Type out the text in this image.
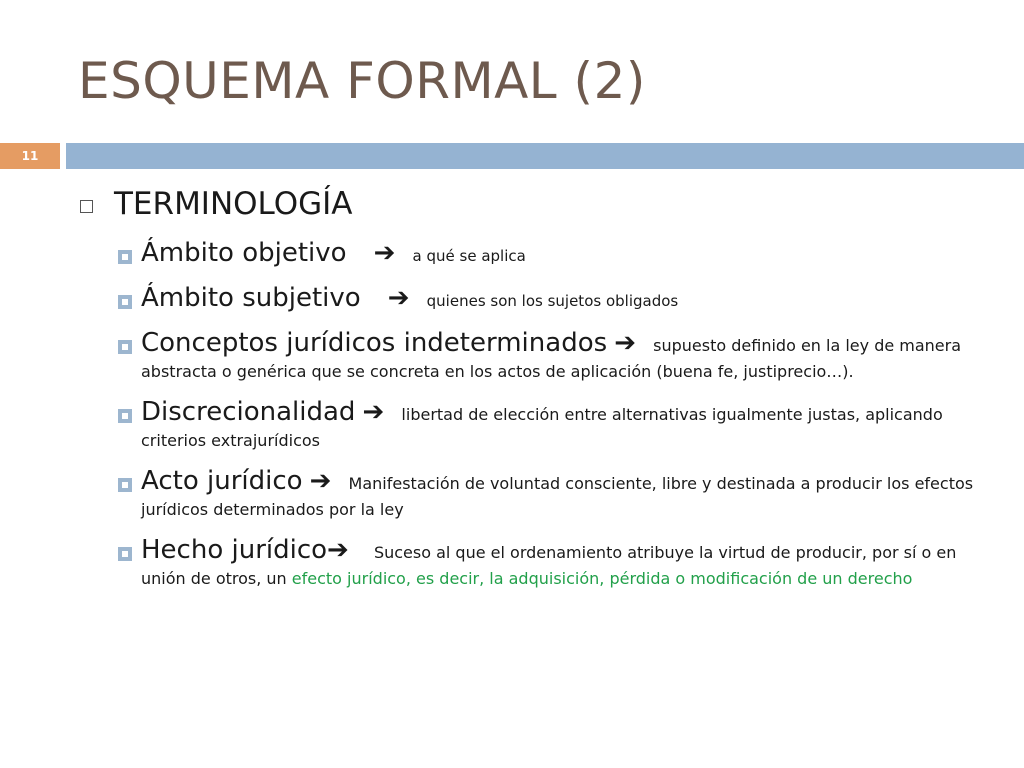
ESQUEMA FORMAL (2)
11
TERMINOLOGÍA
Ámbito objetivo ➔ a qué se aplica
Ámbito subjetivo ➔ quienes son los sujetos obligados
Conceptos jurídicos indeterminados ➔ supuesto definido en la ley de manera abstracta o genérica que se concreta en los actos de aplicación (buena fe, justiprecio…).
Discrecionalidad ➔ libertad de elección entre alternativas igualmente justas, aplicando criterios extrajurídicos
Acto jurídico ➔ Manifestación de voluntad consciente, libre y destinada a producir los efectos jurídicos determinados por la ley
Hecho jurídico➔ Suceso al que el ordenamiento atribuye la virtud de producir, por sí o en unión de otros, un efecto jurídico, es decir, la adquisición, pérdida o modificación de un derecho
